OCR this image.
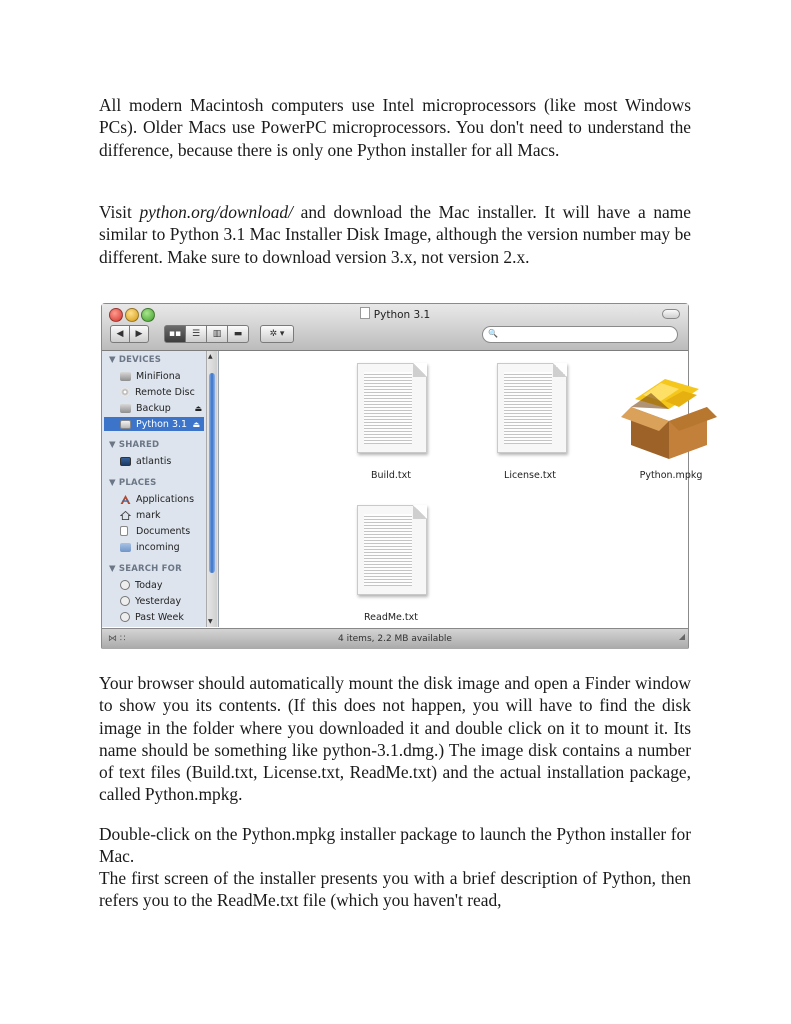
All modern Macintosh computers use Intel microprocessors (like most Windows PCs). Older Macs use PowerPC microprocessors. You don't need to understand the difference, because there is only one Python installer for all Macs.

Visit python.org/download/ and download the Mac installer. It will have a name similar to Python 3.1 Mac Installer Disk Image, although the version number may be different. Make sure to download version 3.x, not version 2.x.

Python 3.1
◀	▶	▪▪	☰	▥	▬	✲ ▾	🔍
▼ DEVICES
MiniFiona
Remote Disc
Backup	⏏
Python 3.1 ⏏
▼ SHARED
atlantis
▼ PLACES
Applications
mark
Documents
incoming
▼ SEARCH FOR
Today
Yesterday
Past Week
▲
▼
Build.txt	License.txt	Python.mpkg
ReadMe.txt
⋈ ∷	4 items, 2.2 MB available	◢

Your browser should automatically mount the disk image and open a Finder window to show you its contents. (If this does not happen, you will have to find the disk image in the folder where you downloaded it and double click on it to mount it. Its name should be something like python-3.1.dmg.) The image disk contains a number of text files (Build.txt, License.txt, ReadMe.txt) and the actual installation package, called Python.mpkg.

Double-click on the Python.mpkg installer package to launch the Python installer for Mac.

The first screen of the installer presents you with a brief description of Python, then refers you to the ReadMe.txt file (which you haven't read,
